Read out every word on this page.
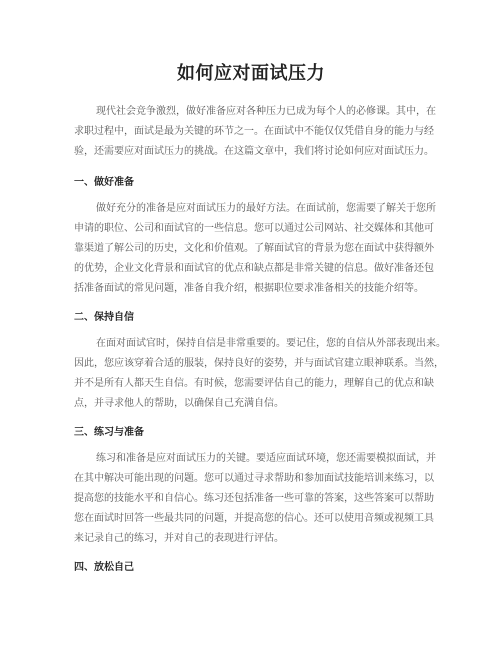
如何应对面试压力

现代社会竞争激烈，做好准备应对各种压力已成为每个人的必修课。其中，在
求职过程中，面试是最为关键的环节之一。在面试中不能仅仅凭借自身的能力与经
验，还需要应对面试压力的挑战。在这篇文章中，我们将讨论如何应对面试压力。

一、做好准备

做好充分的准备是应对面试压力的最好方法。在面试前，您需要了解关于您所
申请的职位、公司和面试官的一些信息。您可以通过公司网站、社交媒体和其他可
靠渠道了解公司的历史，文化和价值观。了解面试官的背景为您在面试中获得额外
的优势，企业文化背景和面试官的优点和缺点都是非常关键的信息。做好准备还包
括准备面试的常见问题，准备自我介绍，根据职位要求准备相关的技能介绍等。

二、保持自信

在面对面试官时，保持自信是非常重要的。要记住，您的自信从外部表现出来。
因此，您应该穿着合适的服装，保持良好的姿势，并与面试官建立眼神联系。当然，
并不是所有人都天生自信。有时候，您需要评估自己的能力，理解自己的优点和缺
点，并寻求他人的帮助，以确保自己充满自信。

三、练习与准备

练习和准备是应对面试压力的关键。要适应面试环境，您还需要模拟面试，并
在其中解决可能出现的问题。您可以通过寻求帮助和参加面试技能培训来练习，以
提高您的技能水平和自信心。练习还包括准备一些可靠的答案，这些答案可以帮助
您在面试时回答一些最共同的问题，并提高您的信心。还可以使用音频或视频工具
来记录自己的练习，并对自己的表现进行评估。

四、放松自己
